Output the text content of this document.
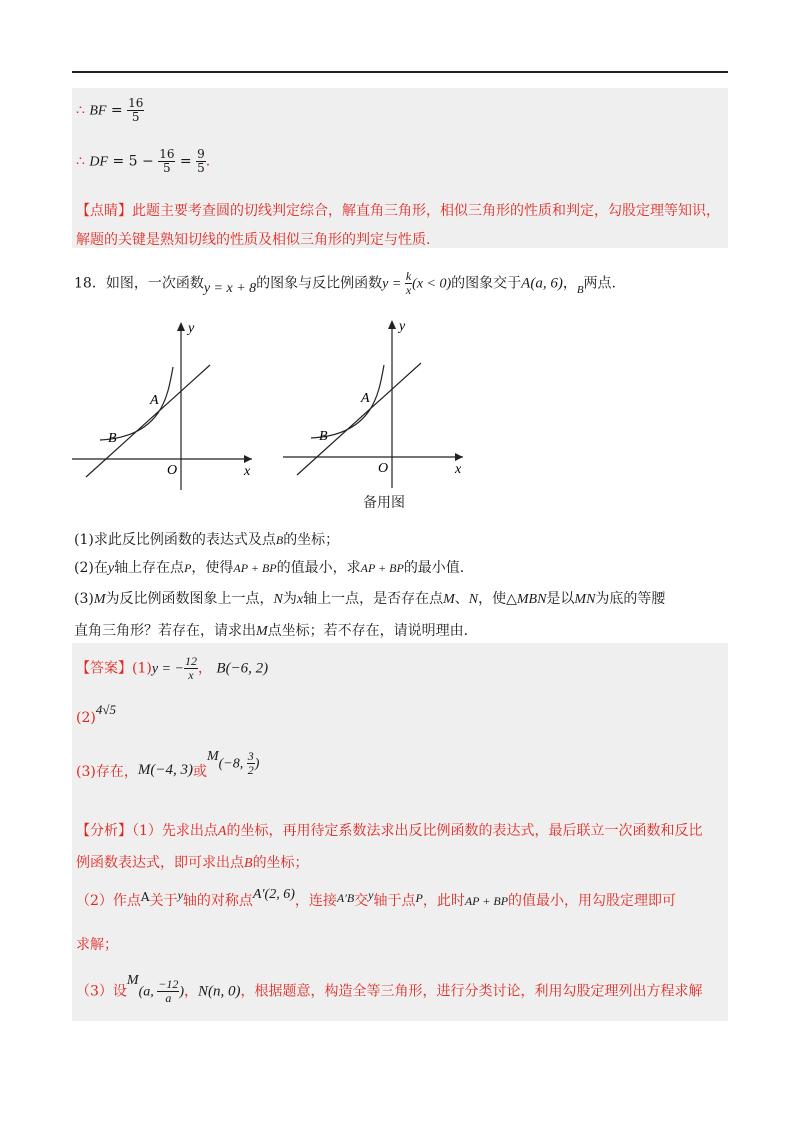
∴ BF = $\frac{16}{5}$
∴ DF = $5 - \frac{16}{5} = \frac{9}{5}$ .
【点睛】此题主要考查圆的切线判定综合，解直角三角形，相似三角形的性质和判定，勾股定理等知识，
解题的关键是熟知切线的性质及相似三角形的判定与性质.
18．如图，一次函数y = x + 8的图象与反比例函数$y = \frac{k}{x} (x < 0)$的图象交于A(a, 6)，$_B$两点.
y
x
O
A
B
y
x
O
A
B
备用图
(1)求此反比例函数的表达式及点B的坐标；
(2)在y轴上存在点P，使得AP + BP的值最小，求AP + BP的最小值.
(3)M为反比例函数图象上一点，N为x轴上一点，是否存在点M、N，使△MBN是以MN为底的等腰
直角三角形？若存在，请求出M点坐标；若不存在，请说明理由.
【答案】(1)y = − $\frac{12}{x}$ ， B(−6, 2)
(2)4√5
(3)存在，M(−4, 3)或M(−8, $\frac{3}{2}$ )
【分析】（1）先求出点A的坐标，再用待定系数法求出反比例函数的表达式，最后联立一次函数和反比
例函数表达式，即可求出点B的坐标；
（2）作点A关于y轴的对称点A′(2, 6)，连接A′B交y轴于点P，此时AP + BP的值最小，用勾股定理即可
求解；
（3）设M(a, $\frac{-12}{a}$ )，N(n, 0)，根据题意，构造全等三角形，进行分类讨论，利用勾股定理列出方程求解
